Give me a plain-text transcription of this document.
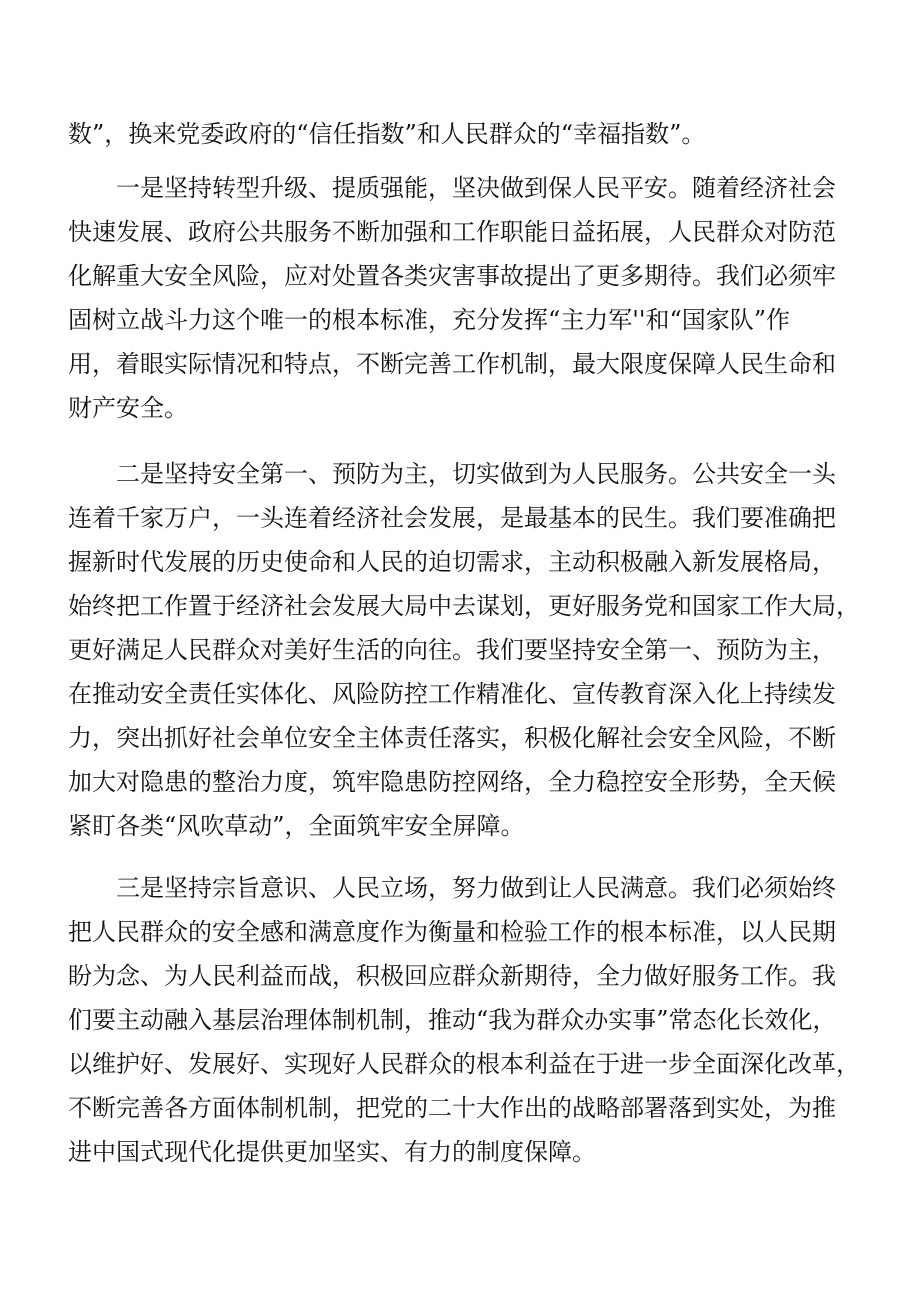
数”，换来党委政府的“信任指数”和人民群众的“幸福指数”。
一是坚持转型升级、提质强能，坚决做到保人民平安。随着经济社会
快速发展、政府公共服务不断加强和工作职能日益拓展，人民群众对防范
化解重大安全风险，应对处置各类灾害事故提出了更多期待。我们必须牢
固树立战斗力这个唯一的根本标准，充分发挥“主力军''和“国家队”作
用，着眼实际情况和特点，不断完善工作机制，最大限度保障人民生命和
财产安全。
二是坚持安全第一、预防为主，切实做到为人民服务。公共安全一头
连着千家万户，一头连着经济社会发展，是最基本的民生。我们要准确把
握新时代发展的历史使命和人民的迫切需求，主动积极融入新发展格局，
始终把工作置于经济社会发展大局中去谋划，更好服务党和国家工作大局，
更好满足人民群众对美好生活的向往。我们要坚持安全第一、预防为主，
在推动安全责任实体化、风险防控工作精准化、宣传教育深入化上持续发
力，突出抓好社会单位安全主体责任落实，积极化解社会安全风险，不断
加大对隐患的整治力度，筑牢隐患防控网络，全力稳控安全形势，全天候
紧盯各类“风吹草动”，全面筑牢安全屏障。
三是坚持宗旨意识、人民立场，努力做到让人民满意。我们必须始终
把人民群众的安全感和满意度作为衡量和检验工作的根本标准，以人民期
盼为念、为人民利益而战，积极回应群众新期待，全力做好服务工作。我
们要主动融入基层治理体制机制，推动“我为群众办实事”常态化长效化，
以维护好、发展好、实现好人民群众的根本利益在于进一步全面深化改革，
不断完善各方面体制机制，把党的二十大作出的战略部署落到实处，为推
进中国式现代化提供更加坚实、有力的制度保障。
